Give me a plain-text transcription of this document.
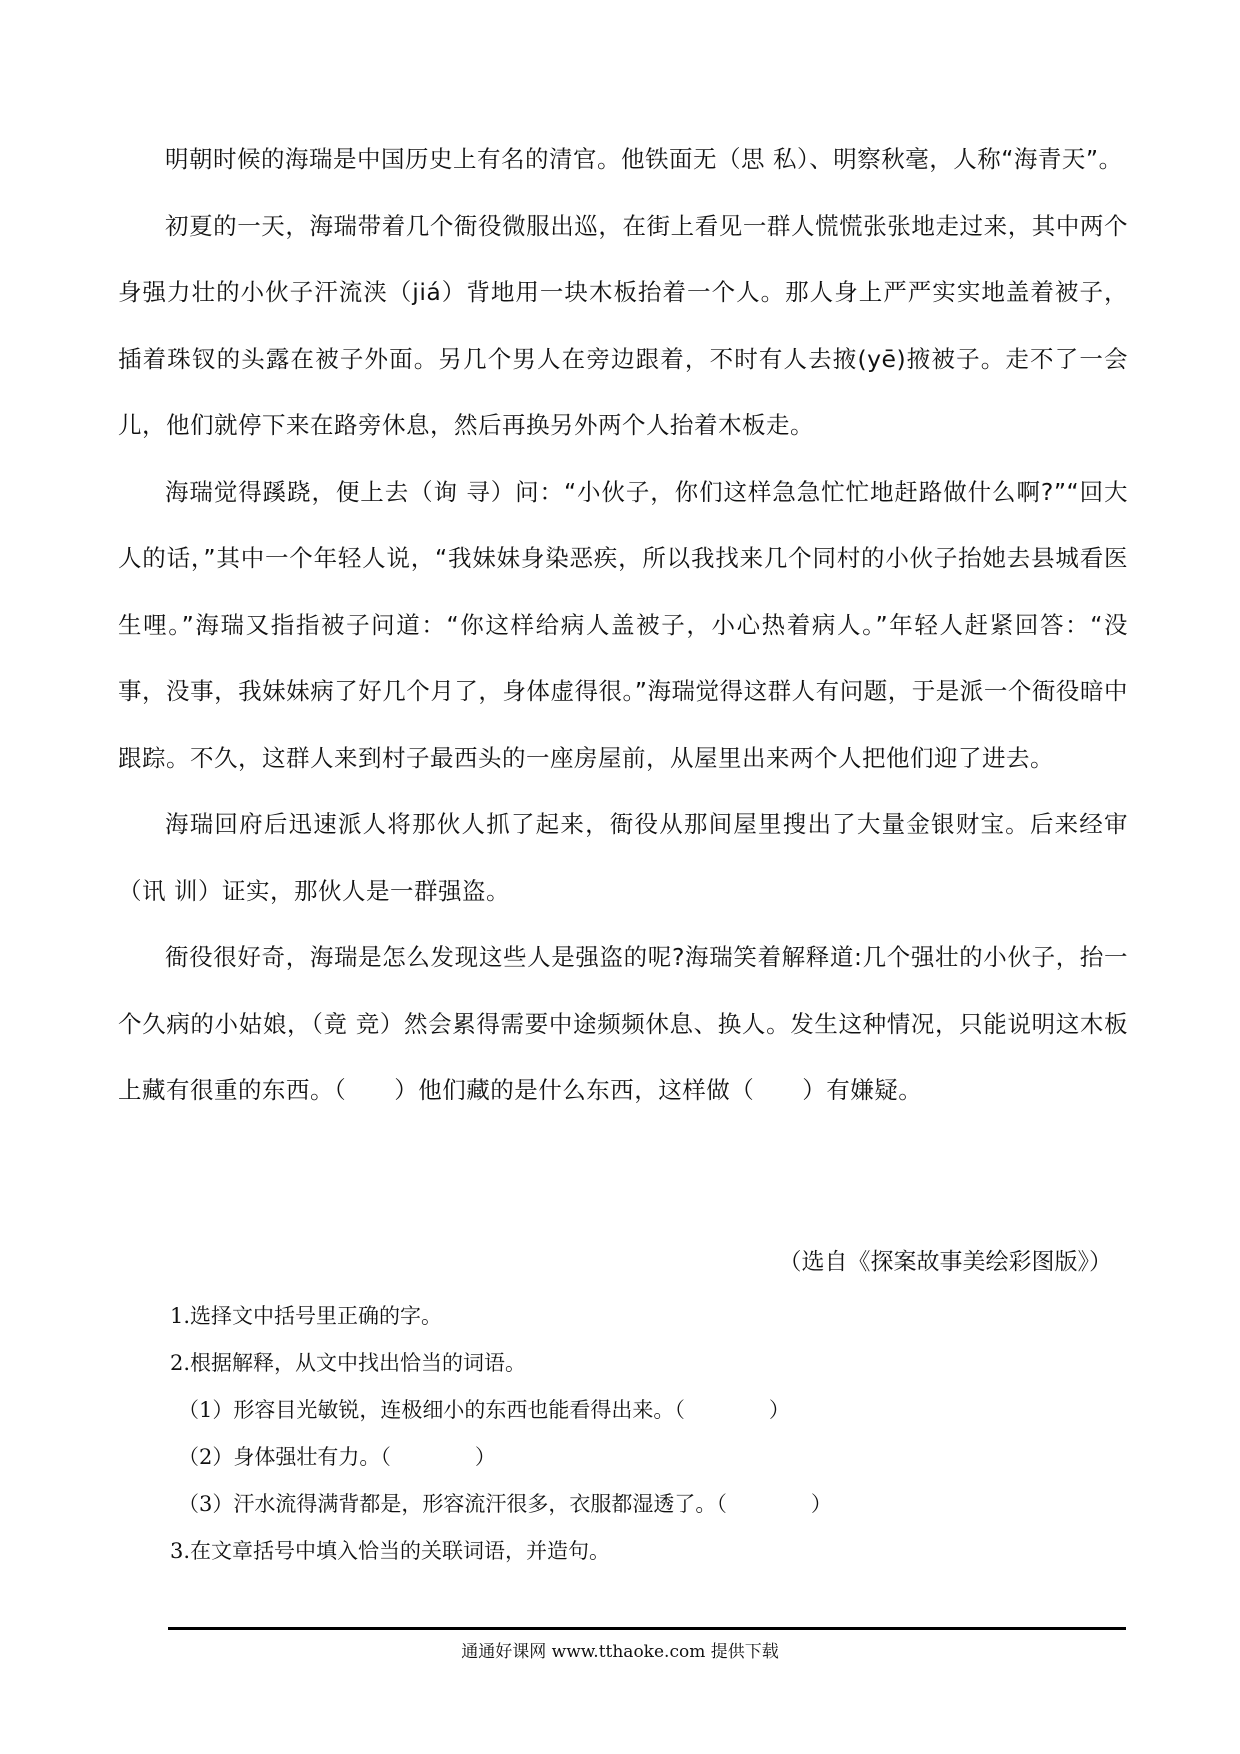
明朝时候的海瑞是中国历史上有名的清官。他铁面无（思 私）、明察秋毫，人称“海青天”。

初夏的一天，海瑞带着几个衙役微服出巡，在街上看见一群人慌慌张张地走过来，其中两个身强力壮的小伙子汗流浃（jiá）背地用一块木板抬着一个人。那人身上严严实实地盖着被子，插着珠钗的头露在被子外面。另几个男人在旁边跟着，不时有人去掖(yē)掖被子。走不了一会儿，他们就停下来在路旁休息，然后再换另外两个人抬着木板走。

海瑞觉得蹊跷，便上去（询 寻）问：“小伙子，你们这样急急忙忙地赶路做什么啊?”“回大人的话，”其中一个年轻人说，“我妹妹身染恶疾，所以我找来几个同村的小伙子抬她去县城看医生哩。”海瑞又指指被子问道：“你这样给病人盖被子，小心热着病人。”年轻人赶紧回答：“没事，没事，我妹妹病了好几个月了，身体虚得很。”海瑞觉得这群人有问题，于是派一个衙役暗中跟踪。不久，这群人来到村子最西头的一座房屋前，从屋里出来两个人把他们迎了进去。

海瑞回府后迅速派人将那伙人抓了起来，衙役从那间屋里搜出了大量金银财宝。后来经审（讯 训）证实，那伙人是一群强盗。

衙役很好奇，海瑞是怎么发现这些人是强盗的呢?海瑞笑着解释道:几个强壮的小伙子，抬一个久病的小姑娘，（竟 竞）然会累得需要中途频频休息、换人。发生这种情况，只能说明这木板上藏有很重的东西。（　　）他们藏的是什么东西，这样做（　　）有嫌疑。

（选自《探案故事美绘彩图版》）

1.选择文中括号里正确的字。

2.根据解释，从文中找出恰当的词语。

（1）形容目光敏锐，连极细小的东西也能看得出来。（　　　　）

（2）身体强壮有力。（　　　　）

（3）汗水流得满背都是，形容流汗很多，衣服都湿透了。（　　　　）

3.在文章括号中填入恰当的关联词语，并造句。

通通好课网 www.tthaoke.com 提供下载
